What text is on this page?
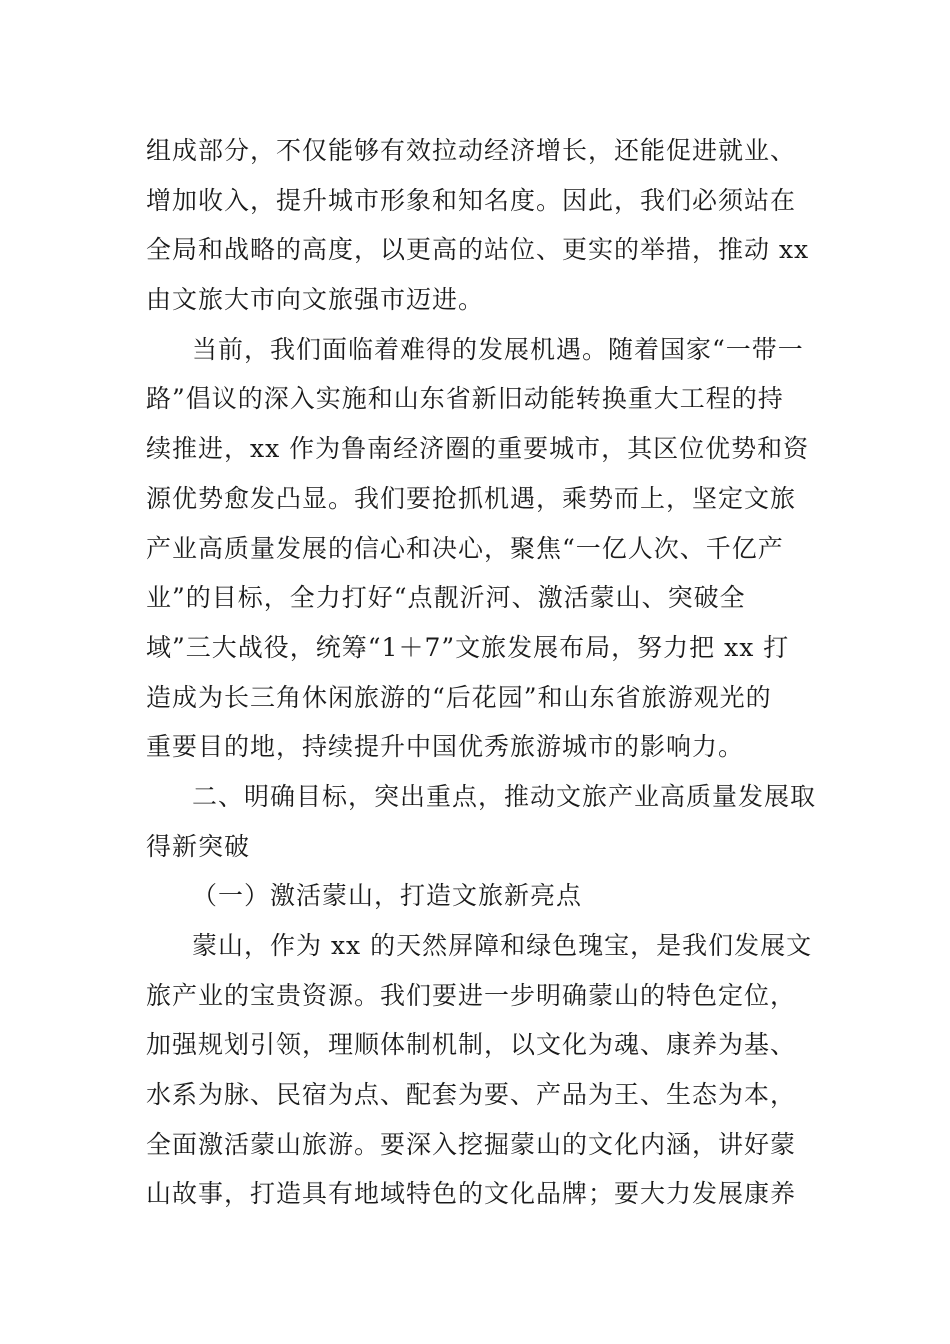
组成部分，不仅能够有效拉动经济增长，还能促进就业、
增加收入，提升城市形象和知名度。因此，我们必须站在
全局和战略的高度，以更高的站位、更实的举措，推动 xx
由文旅大市向文旅强市迈进。
当前，我们面临着难得的发展机遇。随着国家“一带一
路”倡议的深入实施和山东省新旧动能转换重大工程的持
续推进，xx 作为鲁南经济圈的重要城市，其区位优势和资
源优势愈发凸显。我们要抢抓机遇，乘势而上，坚定文旅
产业高质量发展的信心和决心，聚焦“一亿人次、千亿产
业”的目标，全力打好“点靓沂河、激活蒙山、突破全
域”三大战役，统筹“1＋7”文旅发展布局，努力把 xx 打
造成为长三角休闲旅游的“后花园”和山东省旅游观光的
重要目的地，持续提升中国优秀旅游城市的影响力。
二、明确目标，突出重点，推动文旅产业高质量发展取
得新突破
（一）激活蒙山，打造文旅新亮点
蒙山，作为 xx 的天然屏障和绿色瑰宝，是我们发展文
旅产业的宝贵资源。我们要进一步明确蒙山的特色定位，
加强规划引领，理顺体制机制，以文化为魂、康养为基、
水系为脉、民宿为点、配套为要、产品为王、生态为本，
全面激活蒙山旅游。要深入挖掘蒙山的文化内涵，讲好蒙
山故事，打造具有地域特色的文化品牌；要大力发展康养
